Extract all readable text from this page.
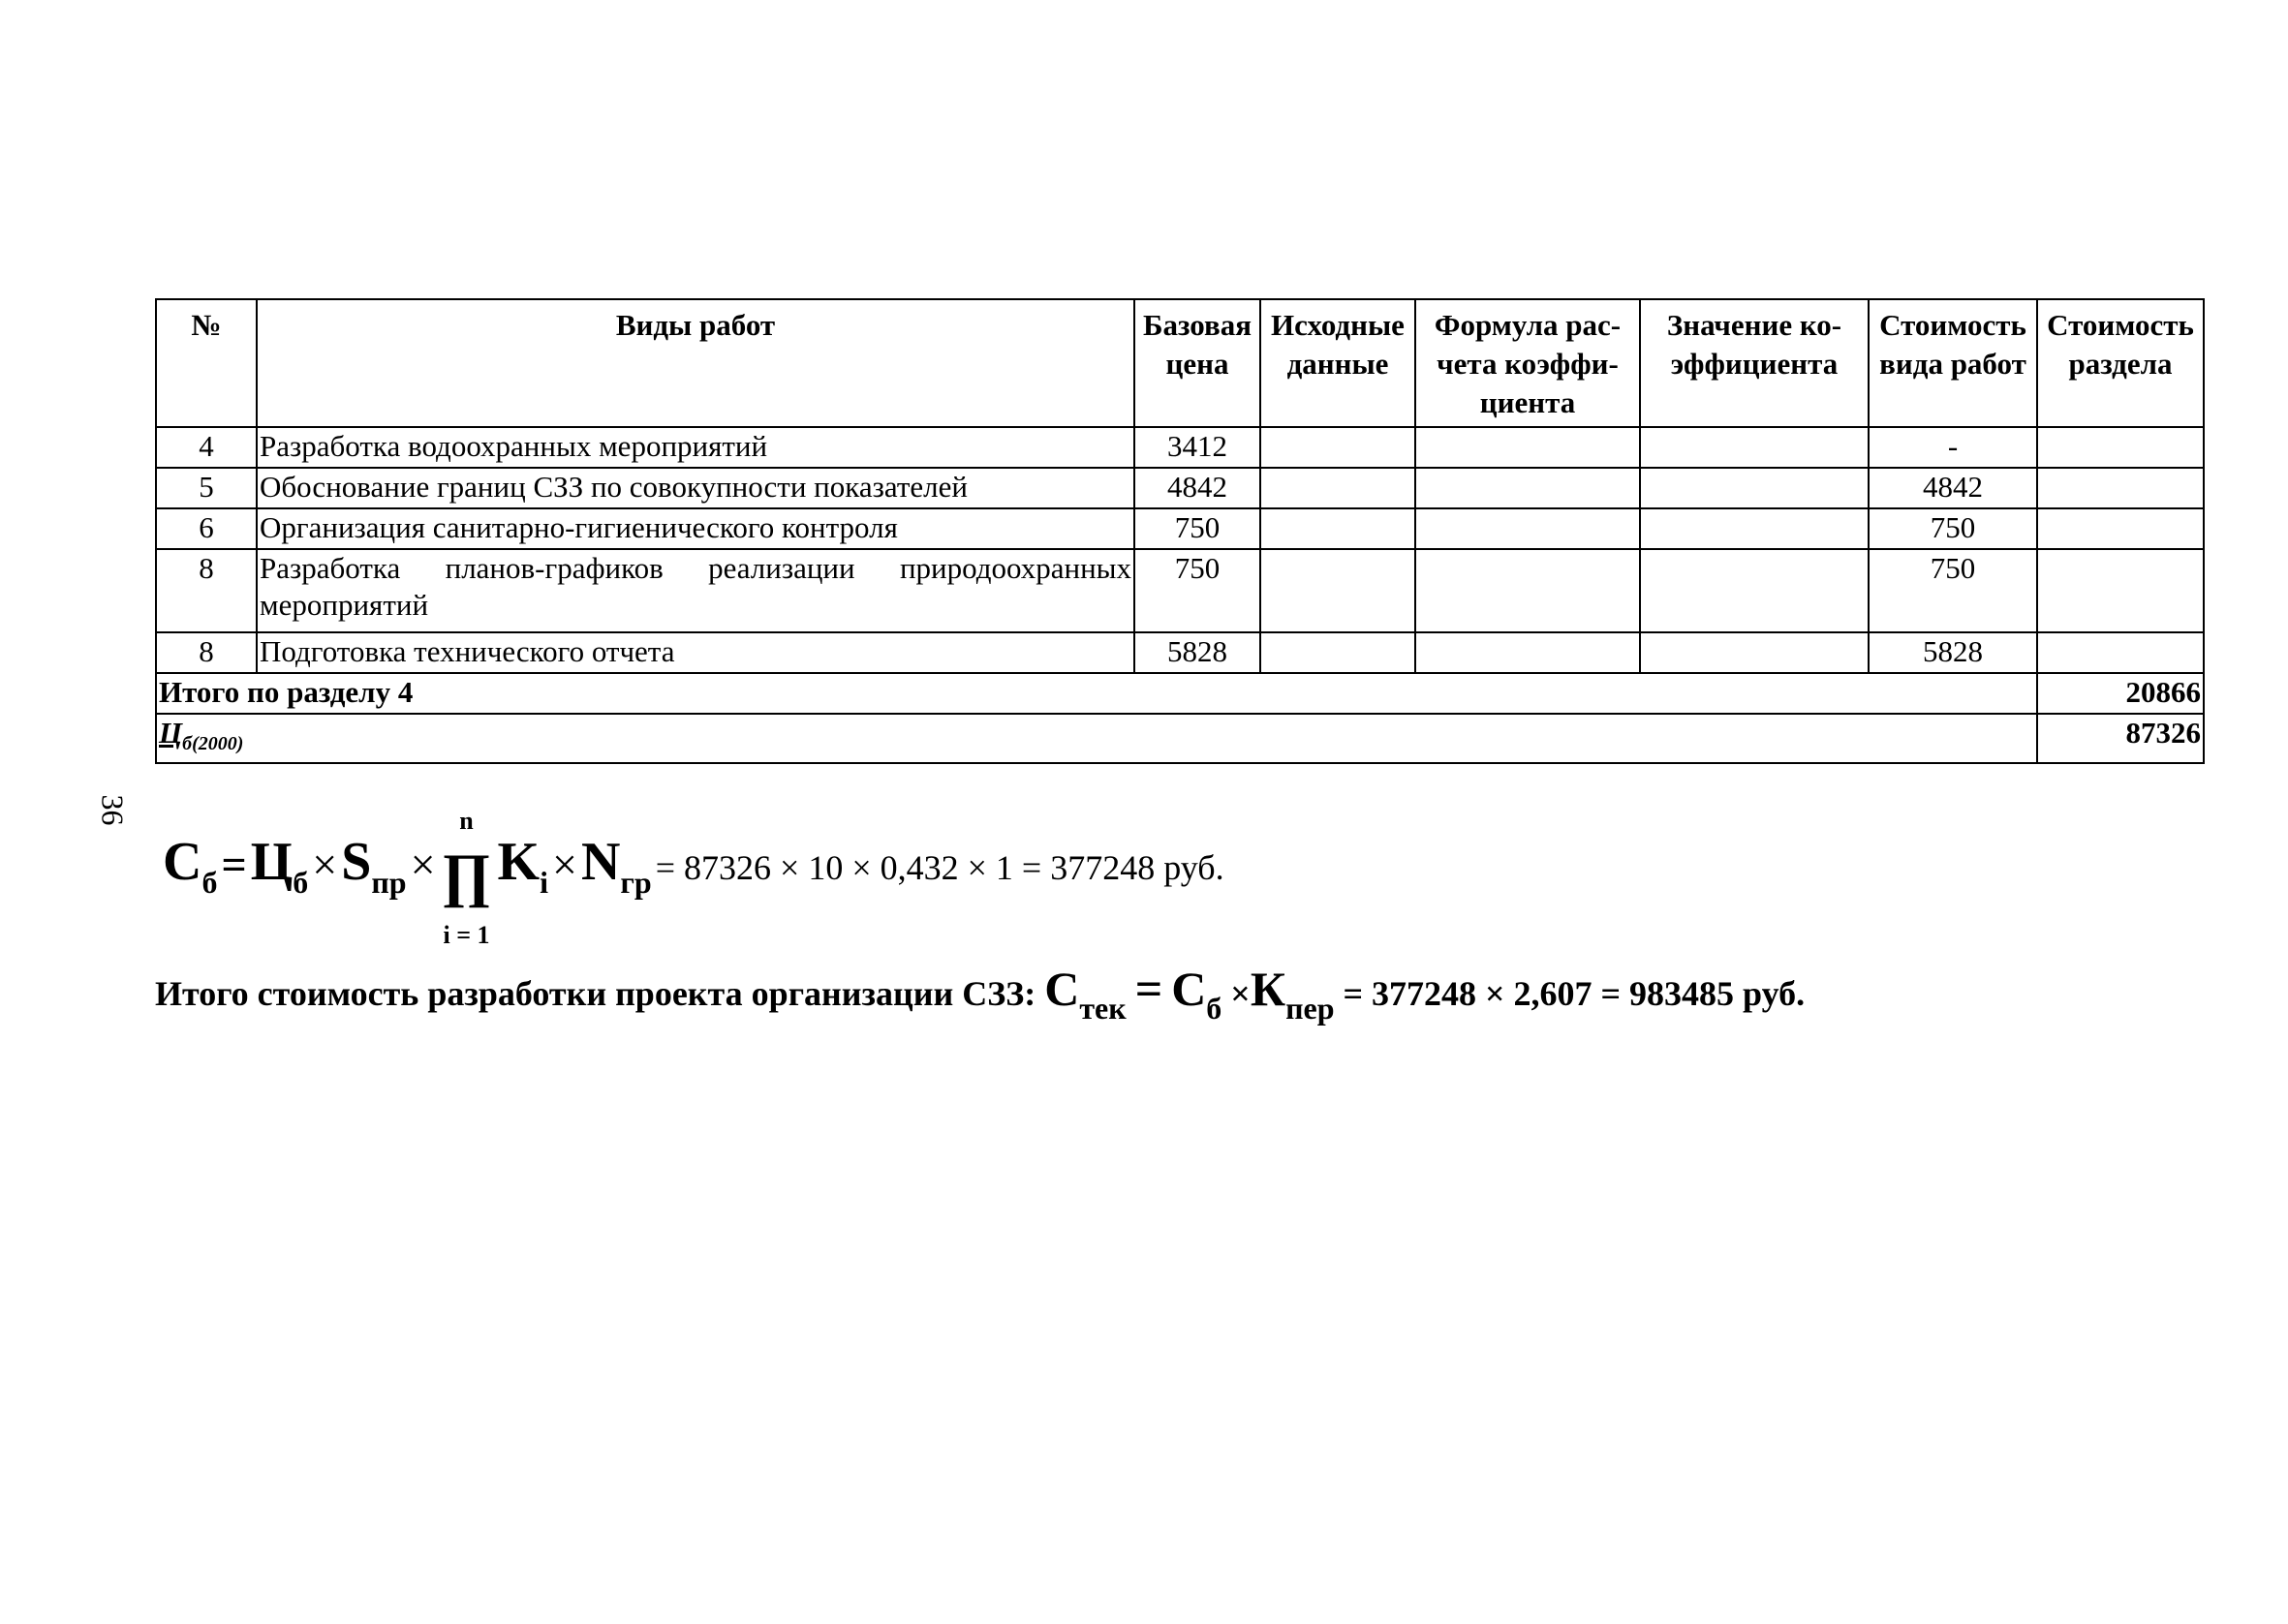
№	Виды работ	Базовая цена	Исходные данные	Формула рас- чета коэффи- циента	Значение ко- эффициента	Стоимость вида работ	Стоимость раздела
4	Разработка водоохранных мероприятий	3412				-	
5	Обоснование границ СЗЗ по совокупности показателей	4842				4842	
6	Организация санитарно-гигиенического контроля	750				750	
8	Разработка планов-графиков реализации природоохранных мероприятий	750				750	
8	Подготовка технического отчета	5828				5828	
Итого по разделу 4							20866
$Ц_{б(2000)}$							87326
36
$С_б = Ц_б \times S_{пр}$ ×
n
∏
i = 1
$K_i \times N_{гр} = 87326 \times 10 \times 0,432 \times 1 = 377248$ руб.
Итого стоимость разработки проекта организации СЗЗ: $С_{тек} = С_б \times К_{пер} = 377248 \times 2,607 = 983485$ руб.
